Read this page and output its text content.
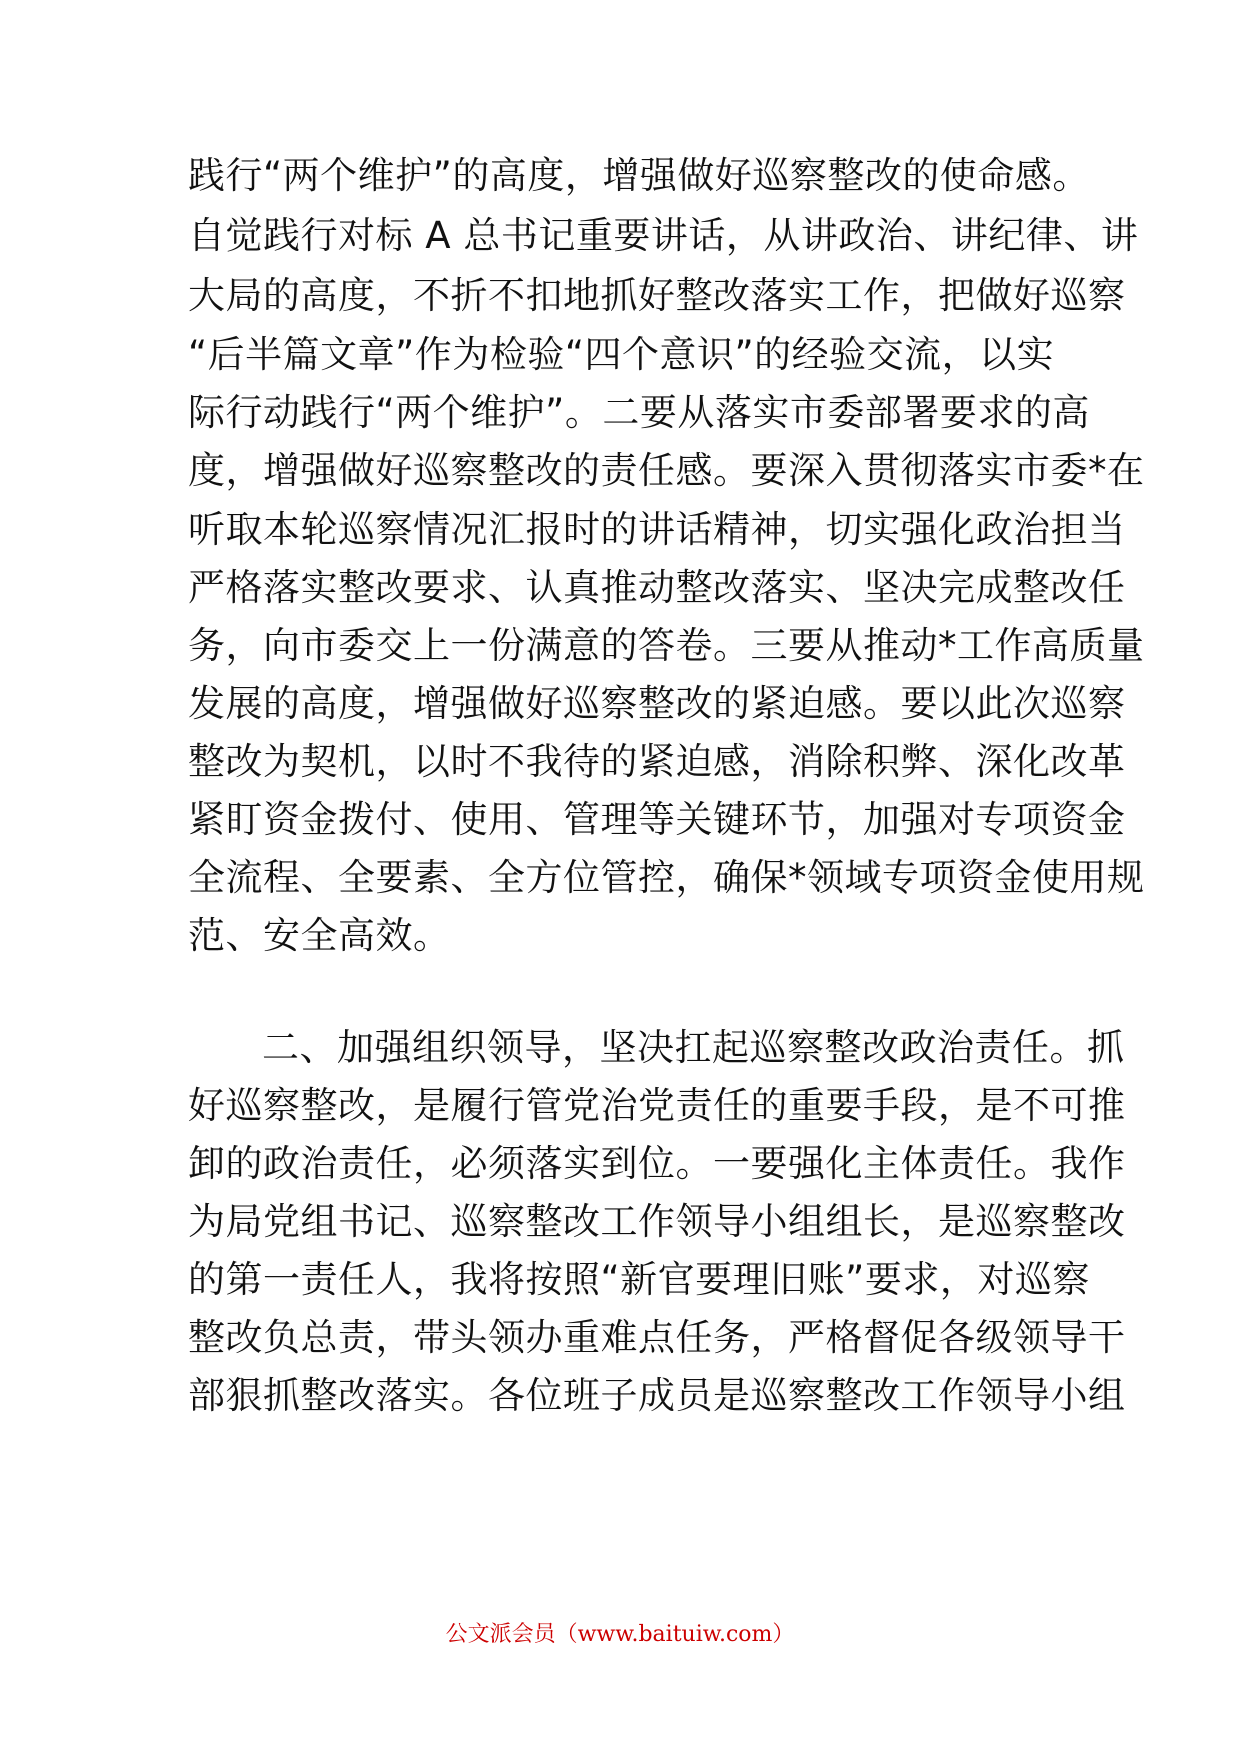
践行“两个维护”的高度，增强做好巡察整改的使命感。
自觉践行对标 A 总书记重要讲话，从讲政治、讲纪律、讲
大局的高度，不折不扣地抓好整改落实工作，把做好巡察
“后半篇文章”作为检验“四个意识”的经验交流，以实
际行动践行“两个维护”。二要从落实市委部署要求的高
度，增强做好巡察整改的责任感。要深入贯彻落实市委*在
听取本轮巡察情况汇报时的讲话精神，切实强化政治担当
严格落实整改要求、认真推动整改落实、坚决完成整改任
务，向市委交上一份满意的答卷。三要从推动*工作高质量
发展的高度，增强做好巡察整改的紧迫感。要以此次巡察
整改为契机，以时不我待的紧迫感，消除积弊、深化改革
紧盯资金拨付、使用、管理等关键环节，加强对专项资金
全流程、全要素、全方位管控，确保*领域专项资金使用规
范、安全高效。
二、加强组织领导，坚决扛起巡察整改政治责任。抓
好巡察整改，是履行管党治党责任的重要手段，是不可推
卸的政治责任，必须落实到位。一要强化主体责任。我作
为局党组书记、巡察整改工作领导小组组长，是巡察整改
的第一责任人，我将按照“新官要理旧账”要求，对巡察
整改负总责，带头领办重难点任务，严格督促各级领导干
部狠抓整改落实。各位班子成员是巡察整改工作领导小组
公文派会员（www.baituiw.com）
